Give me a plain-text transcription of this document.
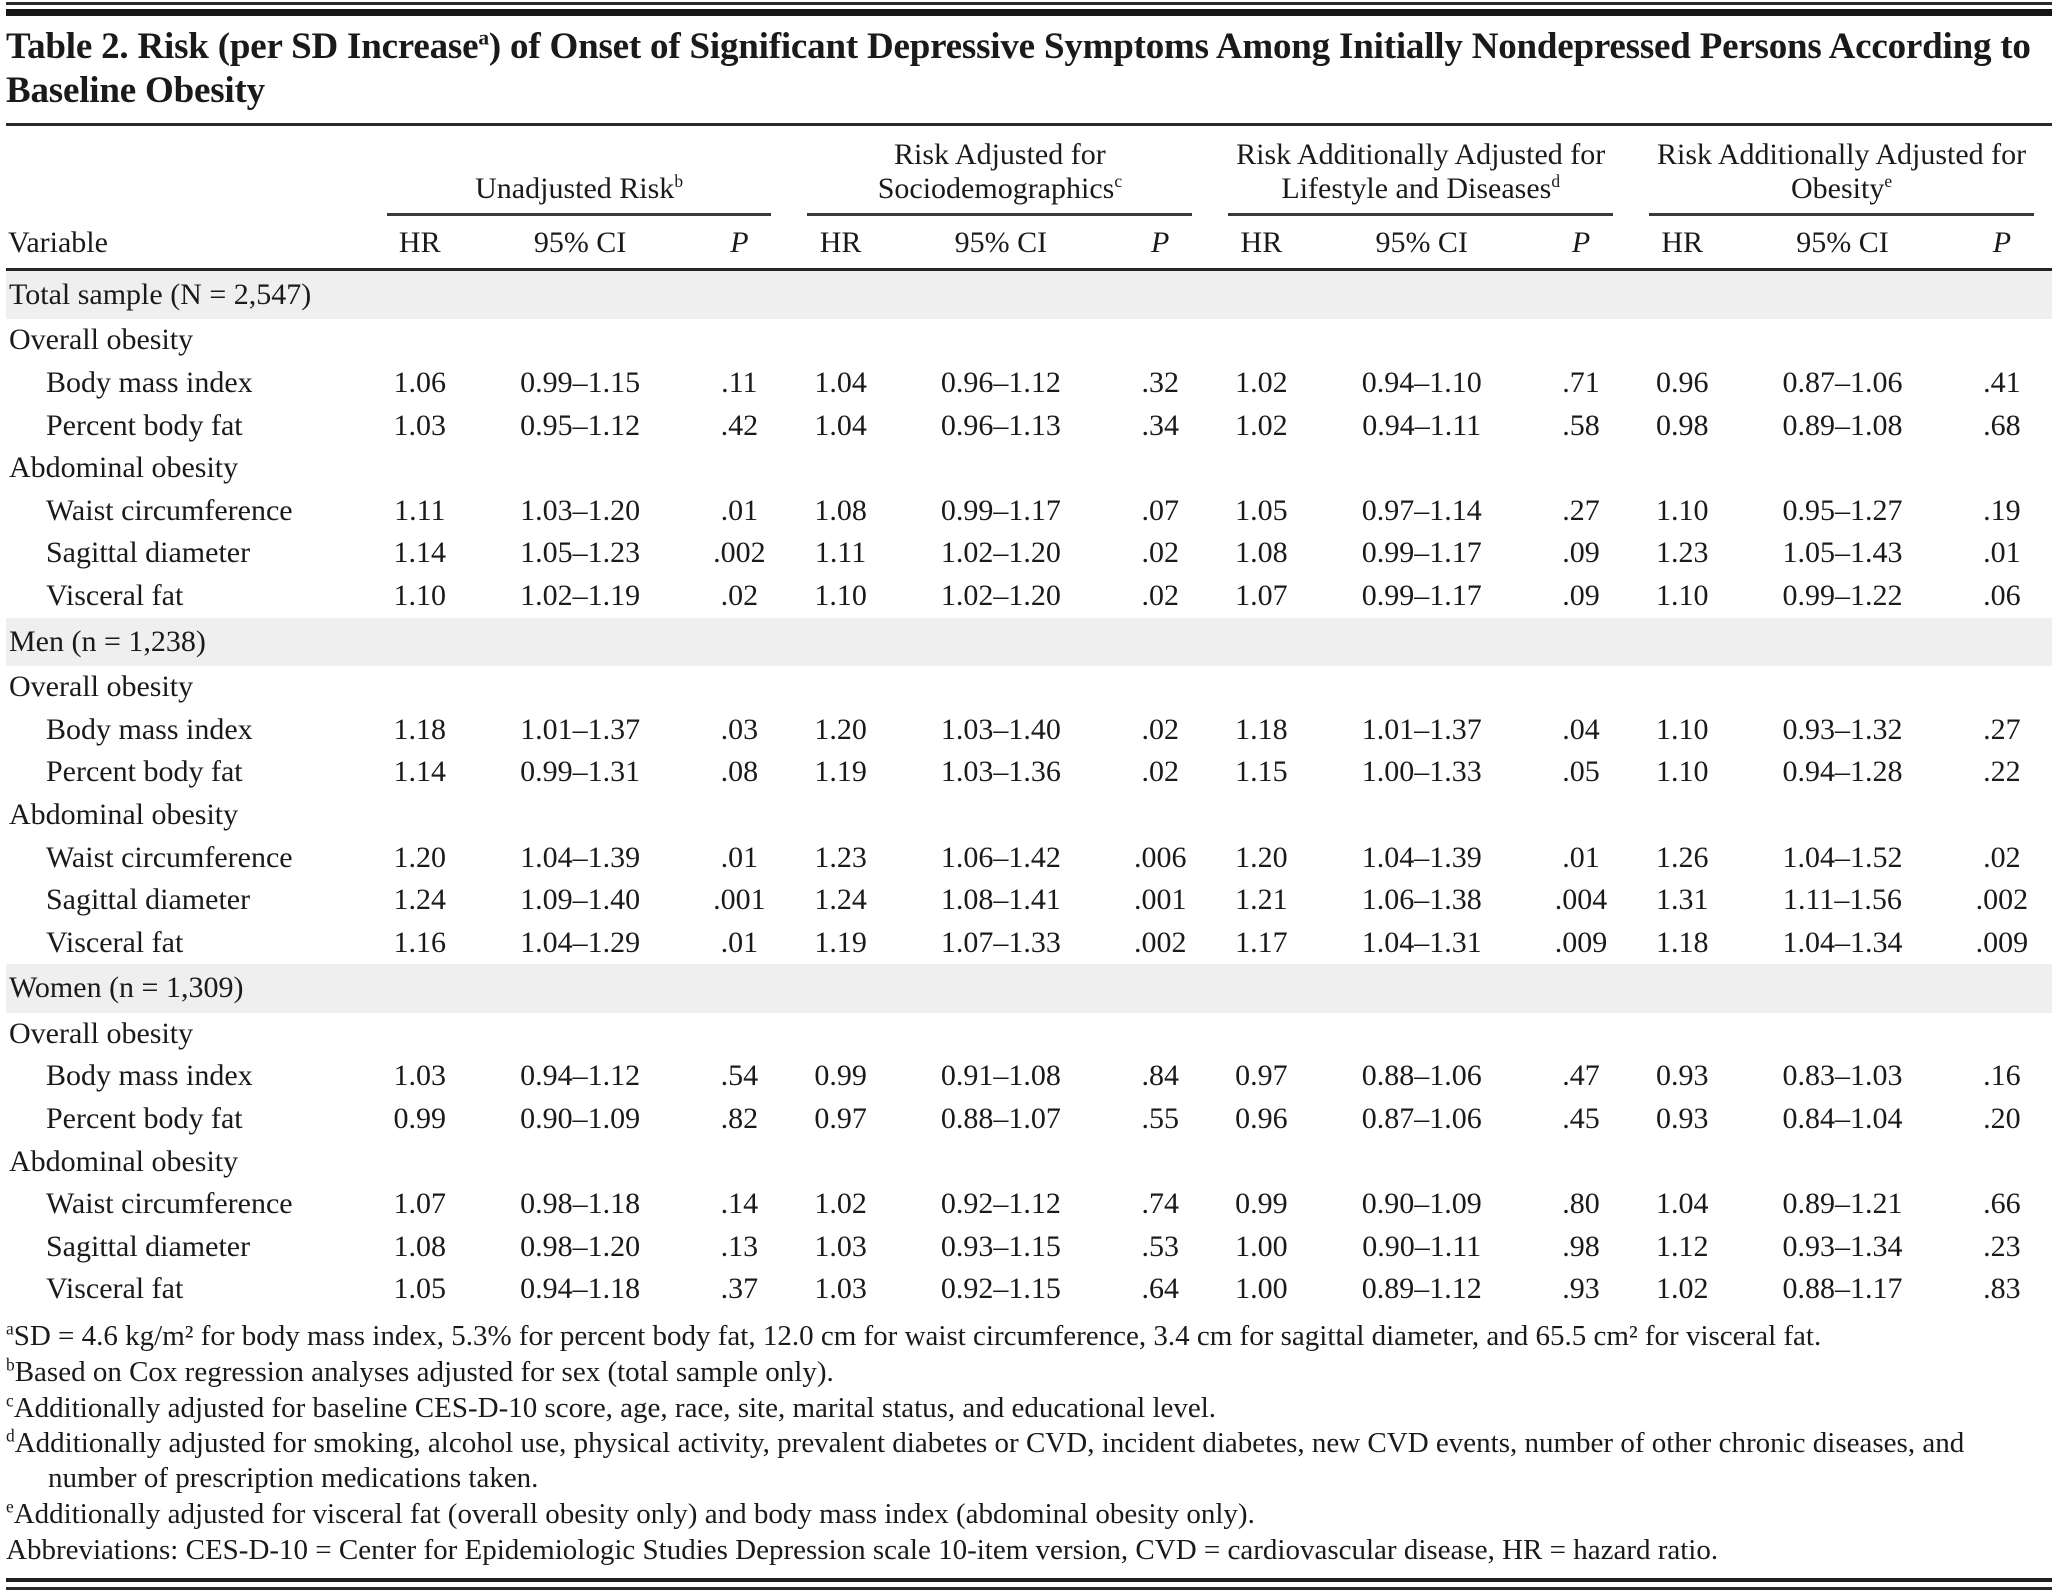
Table 2. Risk (per SD Increase$^a$) of Onset of Significant Depressive Symptoms Among Initially Nondepressed Persons According to Baseline Obesity

	Unadjusted Risk$^b$			Risk Adjusted for Sociodemographics$^c$			Risk Additionally Adjusted for Lifestyle and Diseases$^d$			Risk Additionally Adjusted for Obesity$^e$

Variable	HR	95% CI	P	HR	95% CI	P	HR	95% CI	P	HR	95% CI	P
Total sample (N = 2,547)												
Overall obesity												
Body mass index	1.06	0.99–1.15	.11	1.04	0.96–1.12	.32	1.02	0.94–1.10	.71	0.96	0.87–1.06	.41
Percent body fat	1.03	0.95–1.12	.42	1.04	0.96–1.13	.34	1.02	0.94–1.11	.58	0.98	0.89–1.08	.68
Abdominal obesity												
Waist circumference	1.11	1.03–1.20	.01	1.08	0.99–1.17	.07	1.05	0.97–1.14	.27	1.10	0.95–1.27	.19
Sagittal diameter	1.14	1.05–1.23	.002	1.11	1.02–1.20	.02	1.08	0.99–1.17	.09	1.23	1.05–1.43	.01
Visceral fat	1.10	1.02–1.19	.02	1.10	1.02–1.20	.02	1.07	0.99–1.17	.09	1.10	0.99–1.22	.06
Men (n = 1,238)												
Overall obesity												
Body mass index	1.18	1.01–1.37	.03	1.20	1.03–1.40	.02	1.18	1.01–1.37	.04	1.10	0.93–1.32	.27
Percent body fat	1.14	0.99–1.31	.08	1.19	1.03–1.36	.02	1.15	1.00–1.33	.05	1.10	0.94–1.28	.22
Abdominal obesity												
Waist circumference	1.20	1.04–1.39	.01	1.23	1.06–1.42	.006	1.20	1.04–1.39	.01	1.26	1.04–1.52	.02
Sagittal diameter	1.24	1.09–1.40	.001	1.24	1.08–1.41	.001	1.21	1.06–1.38	.004	1.31	1.11–1.56	.002
Visceral fat	1.16	1.04–1.29	.01	1.19	1.07–1.33	.002	1.17	1.04–1.31	.009	1.18	1.04–1.34	.009
Women (n = 1,309)												
Overall obesity												
Body mass index	1.03	0.94–1.12	.54	0.99	0.91–1.08	.84	0.97	0.88–1.06	.47	0.93	0.83–1.03	.16
Percent body fat	0.99	0.90–1.09	.82	0.97	0.88–1.07	.55	0.96	0.87–1.06	.45	0.93	0.84–1.04	.20
Abdominal obesity												
Waist circumference	1.07	0.98–1.18	.14	1.02	0.92–1.12	.74	0.99	0.90–1.09	.80	1.04	0.89–1.21	.66
Sagittal diameter	1.08	0.98–1.20	.13	1.03	0.93–1.15	.53	1.00	0.90–1.11	.98	1.12	0.93–1.34	.23
Visceral fat	1.05	0.94–1.18	.37	1.03	0.92–1.15	.64	1.00	0.89–1.12	.93	1.02	0.88–1.17	.83
$^a$SD = 4.6 kg/m² for body mass index, 5.3% for percent body fat, 12.0 cm for waist circumference, 3.4 cm for sagittal diameter, and 65.5 cm² for visceral fat.
$^b$Based on Cox regression analyses adjusted for sex (total sample only).
$^c$Additionally adjusted for baseline CES-D-10 score, age, race, site, marital status, and educational level.
$^d$Additionally adjusted for smoking, alcohol use, physical activity, prevalent diabetes or CVD, incident diabetes, new CVD events, number of other chronic diseases, and number of prescription medications taken.
$^e$Additionally adjusted for visceral fat (overall obesity only) and body mass index (abdominal obesity only).
Abbreviations: CES-D-10 = Center for Epidemiologic Studies Depression scale 10-item version, CVD = cardiovascular disease, HR = hazard ratio.
